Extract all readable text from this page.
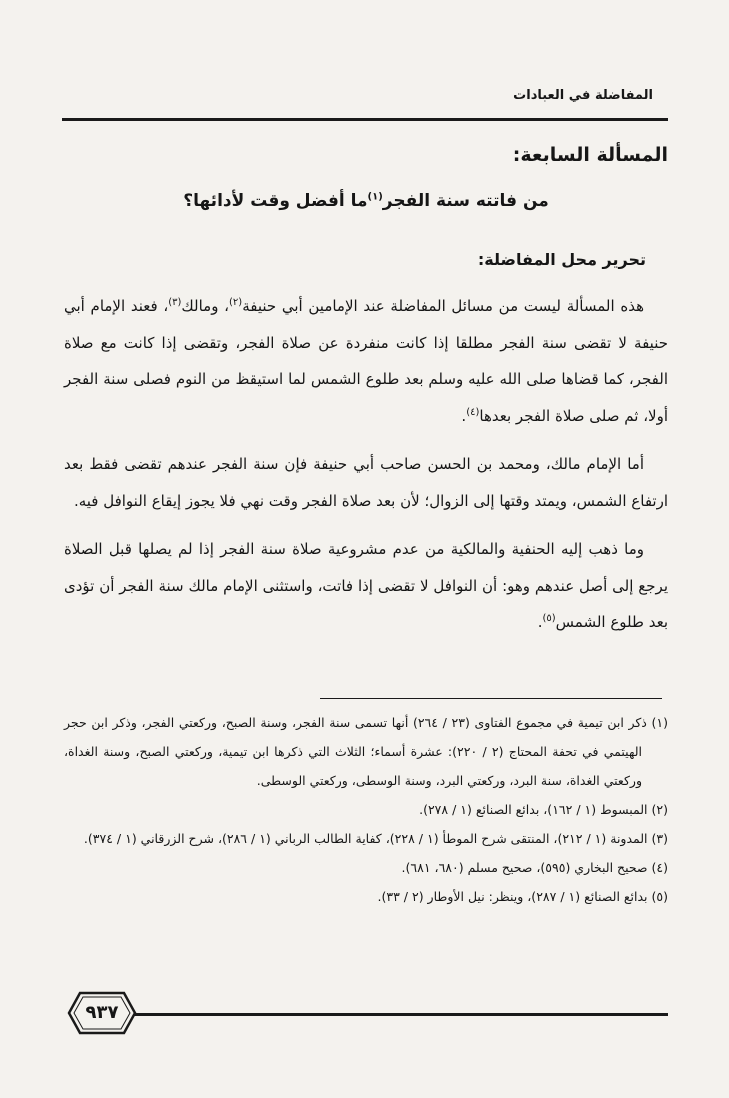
المفاضلة في العبادات
المسألة السابعة:
من فاتته سنة الفجر$^{(١)}$ما أفضل وقت لأدائها؟
تحرير محل المفاضلة:

هذه المسألة ليست من مسائل المفاضلة عند الإمامين أبي حنيفة$^{(٢)}$، ومالك$^{(٣)}$، فعند الإمام أبي حنيفة لا تقضى سنة الفجر مطلقا إذا كانت منفردة عن صلاة الفجر، وتقضى إذا كانت مع صلاة الفجر، كما قضاها صلى الله عليه وسلم بعد طلوع الشمس لما استيقظ من النوم فصلى سنة الفجر أولا، ثم صلى صلاة الفجر بعدها$^{(٤)}$.

أما الإمام مالك، ومحمد بن الحسن صاحب أبي حنيفة فإن سنة الفجر عندهم تقضى فقط بعد ارتفاع الشمس، ويمتد وقتها إلى الزوال؛ لأن بعد صلاة الفجر وقت نهي فلا يجوز إيقاع النوافل فيه.

وما ذهب إليه الحنفية والمالكية من عدم مشروعية صلاة سنة الفجر إذا لم يصلها قبل الصلاة يرجع إلى أصل عندهم وهو: أن النوافل لا تقضى إذا فاتت، واستثنى الإمام مالك سنة الفجر أن تؤدى بعد طلوع الشمس$^{(٥)}$.

(١) ذكر ابن تيمية في مجموع الفتاوى (٢٣ / ٢٦٤) أنها تسمى سنة الفجر، وسنة الصبح، وركعتي الفجر، وذكر ابن حجر الهيتمي في تحفة المحتاج (٢ / ٢٢٠): عشرة أسماء؛ الثلاث التي ذكرها ابن تيمية، وركعتي الصبح، وسنة الغداة، وركعتي الغداة، سنة البرد، وركعتي البرد، وسنة الوسطى، وركعتي الوسطى.

(٢) المبسوط (١ / ١٦٢)، بدائع الصنائع (١ / ٢٧٨).

(٣) المدونة (١ / ٢١٢)، المنتقى شرح الموطأ (١ / ٢٢٨)، كفاية الطالب الرباني (١ / ٢٨٦)، شرح الزرقاني (١ / ٣٧٤).

(٤) صحيح البخاري (٥٩٥)، صحيح مسلم (٦٨٠، ٦٨١).

(٥) بدائع الصنائع (١ / ٢٨٧)، وينظر: نيل الأوطار (٢ / ٣٣).

٩٣٧
